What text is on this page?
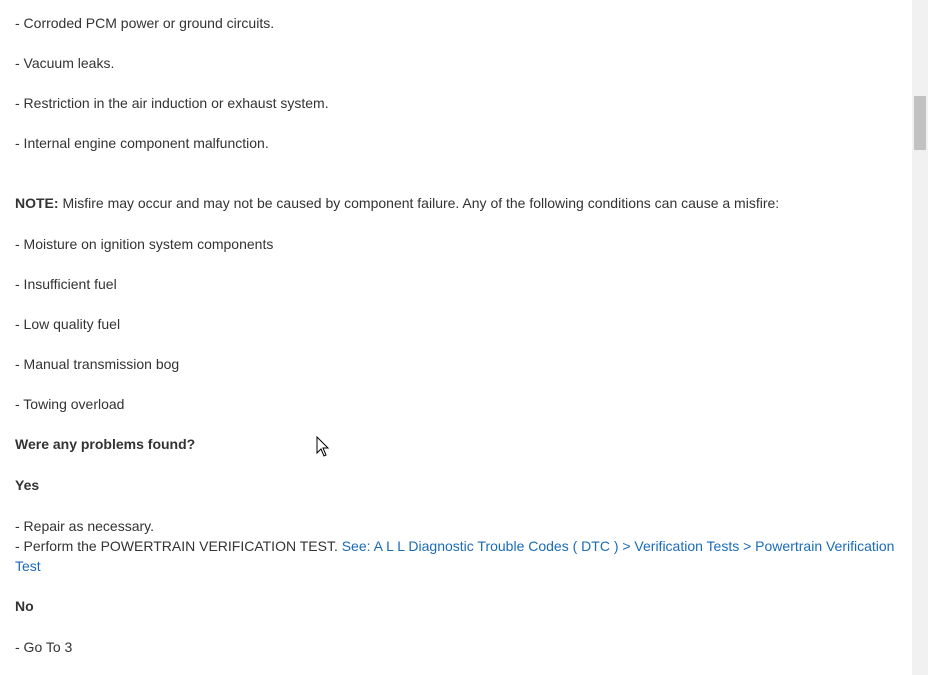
- Corroded PCM power or ground circuits.
- Vacuum leaks.
- Restriction in the air induction or exhaust system.
- Internal engine component malfunction.
NOTE: Misfire may occur and may not be caused by component failure. Any of the following conditions can cause a misfire:
- Moisture on ignition system components
- Insufficient fuel
- Low quality fuel
- Manual transmission bog
- Towing overload
Were any problems found?
Yes
- Repair as necessary.
- Perform the POWERTRAIN VERIFICATION TEST. See: A L L Diagnostic Trouble Codes ( DTC ) > Verification Tests > Powertrain Verification Test
No
- Go To 3
